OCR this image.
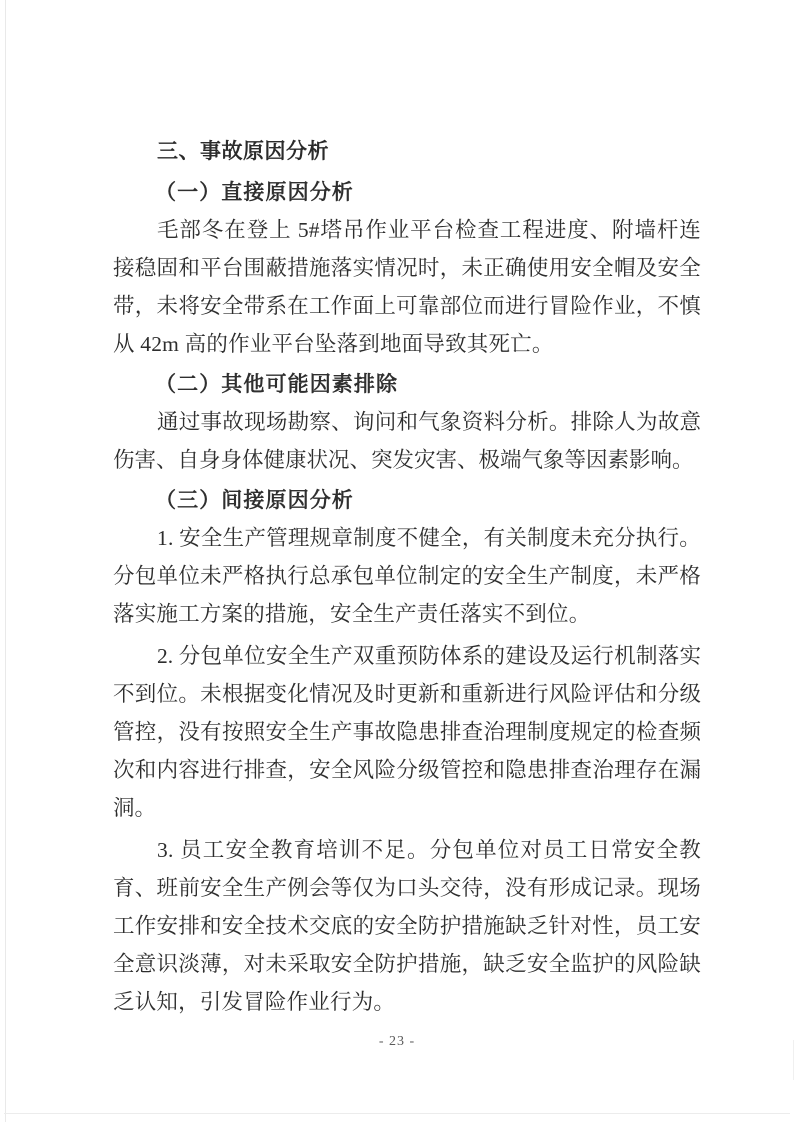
三、事故原因分析
（一）直接原因分析

毛部冬在登上 5#塔吊作业平台检查工程进度、附墙杆连接稳固和平台围蔽措施落实情况时，未正确使用安全帽及安全带，未将安全带系在工作面上可靠部位而进行冒险作业，不慎从 42m 高的作业平台坠落到地面导致其死亡。

（二）其他可能因素排除

通过事故现场勘察、询问和气象资料分析。排除人为故意伤害、自身身体健康状况、突发灾害、极端气象等因素影响。

（三）间接原因分析

1. 安全生产管理规章制度不健全，有关制度未充分执行。分包单位未严格执行总承包单位制定的安全生产制度，未严格落实施工方案的措施，安全生产责任落实不到位。

2. 分包单位安全生产双重预防体系的建设及运行机制落实不到位。未根据变化情况及时更新和重新进行风险评估和分级管控，没有按照安全生产事故隐患排查治理制度规定的检查频次和内容进行排查，安全风险分级管控和隐患排查治理存在漏洞。

3. 员工安全教育培训不足。分包单位对员工日常安全教育、班前安全生产例会等仅为口头交待，没有形成记录。现场工作安排和安全技术交底的安全防护措施缺乏针对性，员工安全意识淡薄，对未采取安全防护措施，缺乏安全监护的风险缺乏认知，引发冒险作业行为。

- 23 -
